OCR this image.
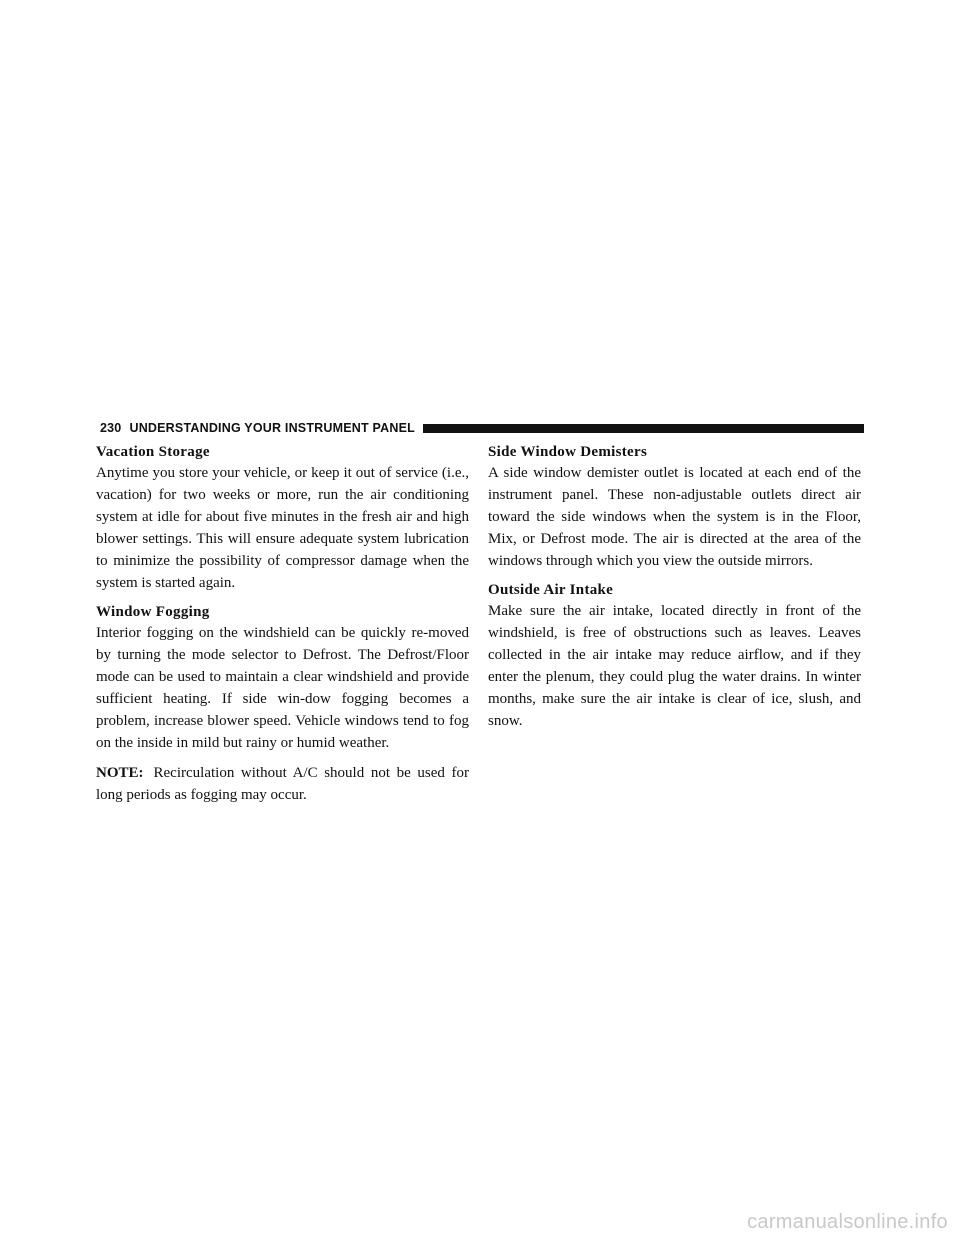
230 UNDERSTANDING YOUR INSTRUMENT PANEL
Vacation Storage

Anytime you store your vehicle, or keep it out of service (i.e., vacation) for two weeks or more, run the air conditioning system at idle for about five minutes in the fresh air and high blower settings. This will ensure adequate system lubrication to minimize the possibility of compressor damage when the system is started again.

Window Fogging

Interior fogging on the windshield can be quickly re-moved by turning the mode selector to Defrost. The Defrost/Floor mode can be used to maintain a clear windshield and provide sufficient heating. If side win-dow fogging becomes a problem, increase blower speed. Vehicle windows tend to fog on the inside in mild but rainy or humid weather.

NOTE: Recirculation without A/C should not be used for long periods as fogging may occur.

Side Window Demisters

A side window demister outlet is located at each end of the instrument panel. These non-adjustable outlets direct air toward the side windows when the system is in the Floor, Mix, or Defrost mode. The air is directed at the area of the windows through which you view the outside mirrors.

Outside Air Intake

Make sure the air intake, located directly in front of the windshield, is free of obstructions such as leaves. Leaves collected in the air intake may reduce airflow, and if they enter the plenum, they could plug the water drains. In winter months, make sure the air intake is clear of ice, slush, and snow.

carmanualsonline.info
